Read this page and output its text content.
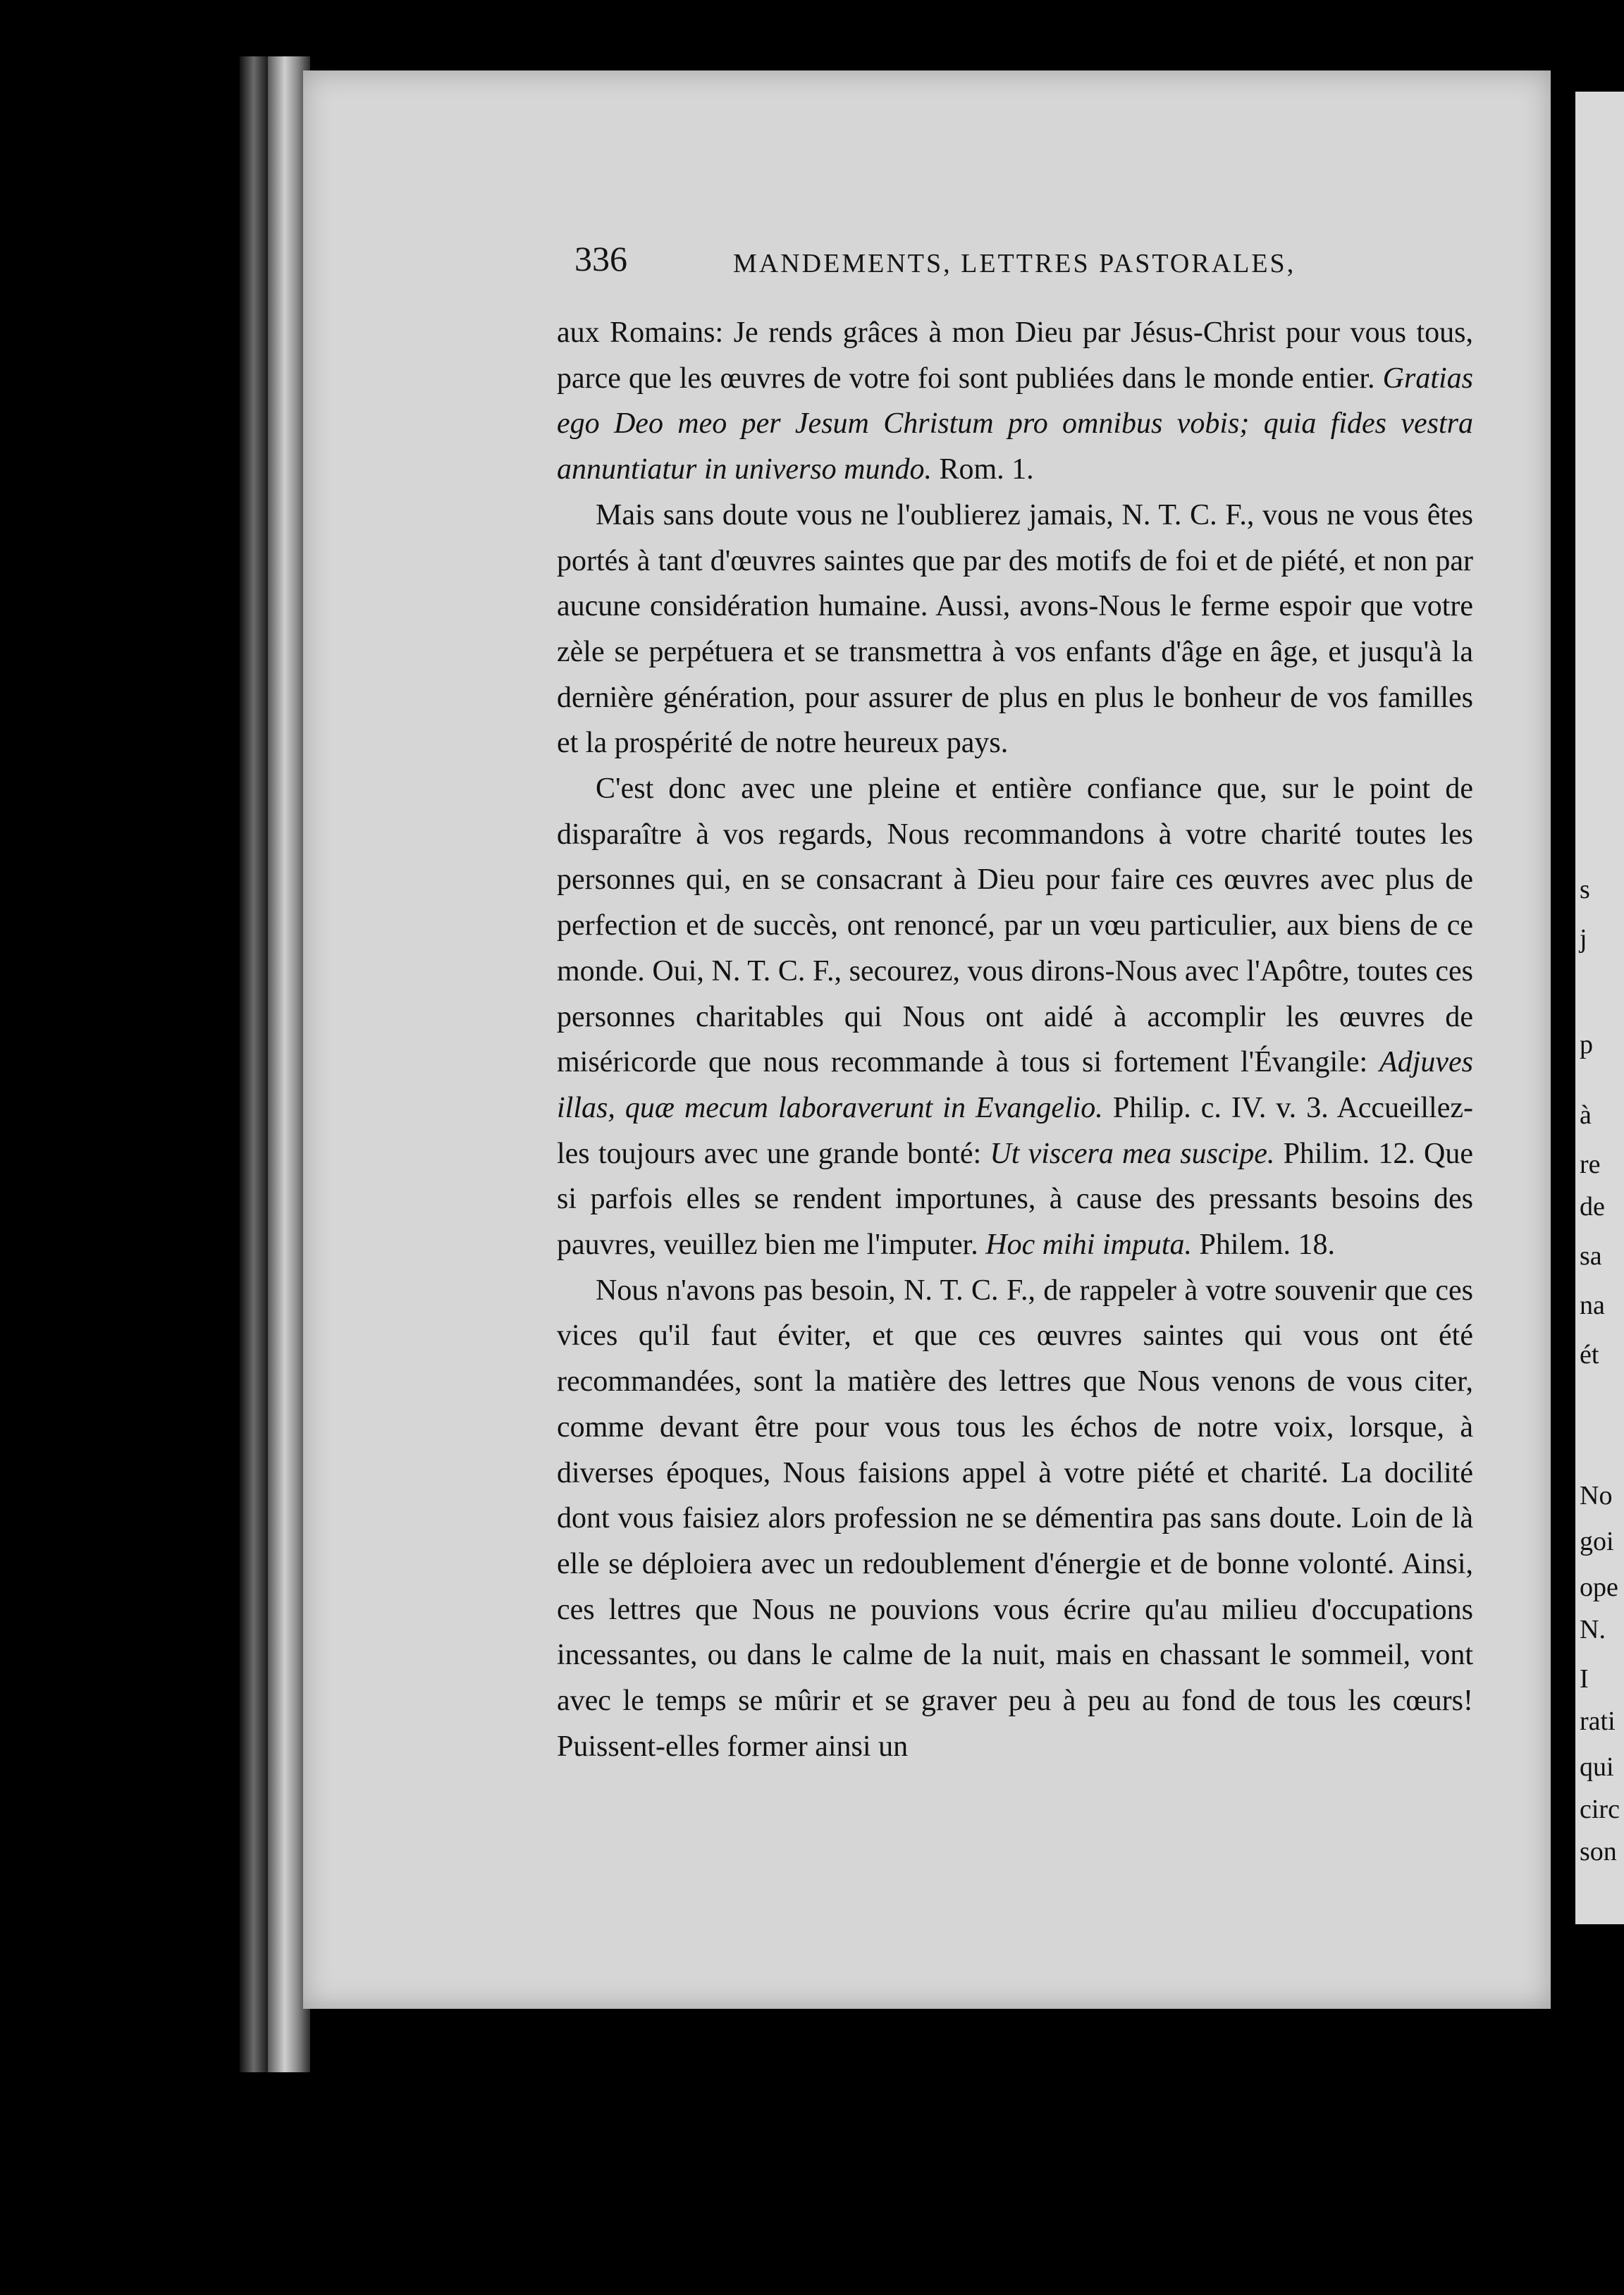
s
j
p
à
re
de
sa
na
ét
No
goi
ope
N.
I
rati
qui
circ
son
336	MANDEMENTS, LETTRES PASTORALES,

aux Romains: Je rends grâces à mon Dieu par Jésus-Christ pour vous tous, parce que les œuvres de votre foi sont publiées dans le monde entier. Gratias ego Deo meo per Jesum Christum pro omnibus vobis; quia fides vestra annuntiatur in universo mundo. Rom. 1.

Mais sans doute vous ne l'oublierez jamais, N. T. C. F., vous ne vous êtes portés à tant d'œuvres saintes que par des motifs de foi et de piété, et non par aucune considération humaine. Aussi, avons-Nous le ferme espoir que votre zèle se perpétuera et se transmettra à vos enfants d'âge en âge, et jusqu'à la dernière génération, pour assurer de plus en plus le bonheur de vos familles et la prospérité de notre heureux pays.

C'est donc avec une pleine et entière confiance que, sur le point de disparaître à vos regards, Nous recommandons à votre charité toutes les personnes qui, en se consacrant à Dieu pour faire ces œuvres avec plus de perfection et de succès, ont renoncé, par un vœu particulier, aux biens de ce monde. Oui, N. T. C. F., secourez, vous dirons-Nous avec l'Apôtre, toutes ces personnes charitables qui Nous ont aidé à accomplir les œuvres de miséricorde que nous recommande à tous si fortement l'Évangile: Adjuves illas, quæ mecum laboraverunt in Evangelio. Philip. c. IV. v. 3. Accueillez-les toujours avec une grande bonté: Ut viscera mea suscipe. Philim. 12. Que si parfois elles se rendent importunes, à cause des pressants besoins des pauvres, veuillez bien me l'imputer. Hoc mihi imputa. Philem. 18.

Nous n'avons pas besoin, N. T. C. F., de rappeler à votre souvenir que ces vices qu'il faut éviter, et que ces œuvres saintes qui vous ont été recommandées, sont la matière des lettres que Nous venons de vous citer, comme devant être pour vous tous les échos de notre voix, lorsque, à diverses époques, Nous faisions appel à votre piété et charité. La docilité dont vous faisiez alors profession ne se démentira pas sans doute. Loin de là elle se déploiera avec un redoublement d'énergie et de bonne volonté. Ainsi, ces lettres que Nous ne pouvions vous écrire qu'au milieu d'occupations incessantes, ou dans le calme de la nuit, mais en chassant le sommeil, vont avec le temps se mûrir et se graver peu à peu au fond de tous les cœurs! Puissent-elles former ainsi un
